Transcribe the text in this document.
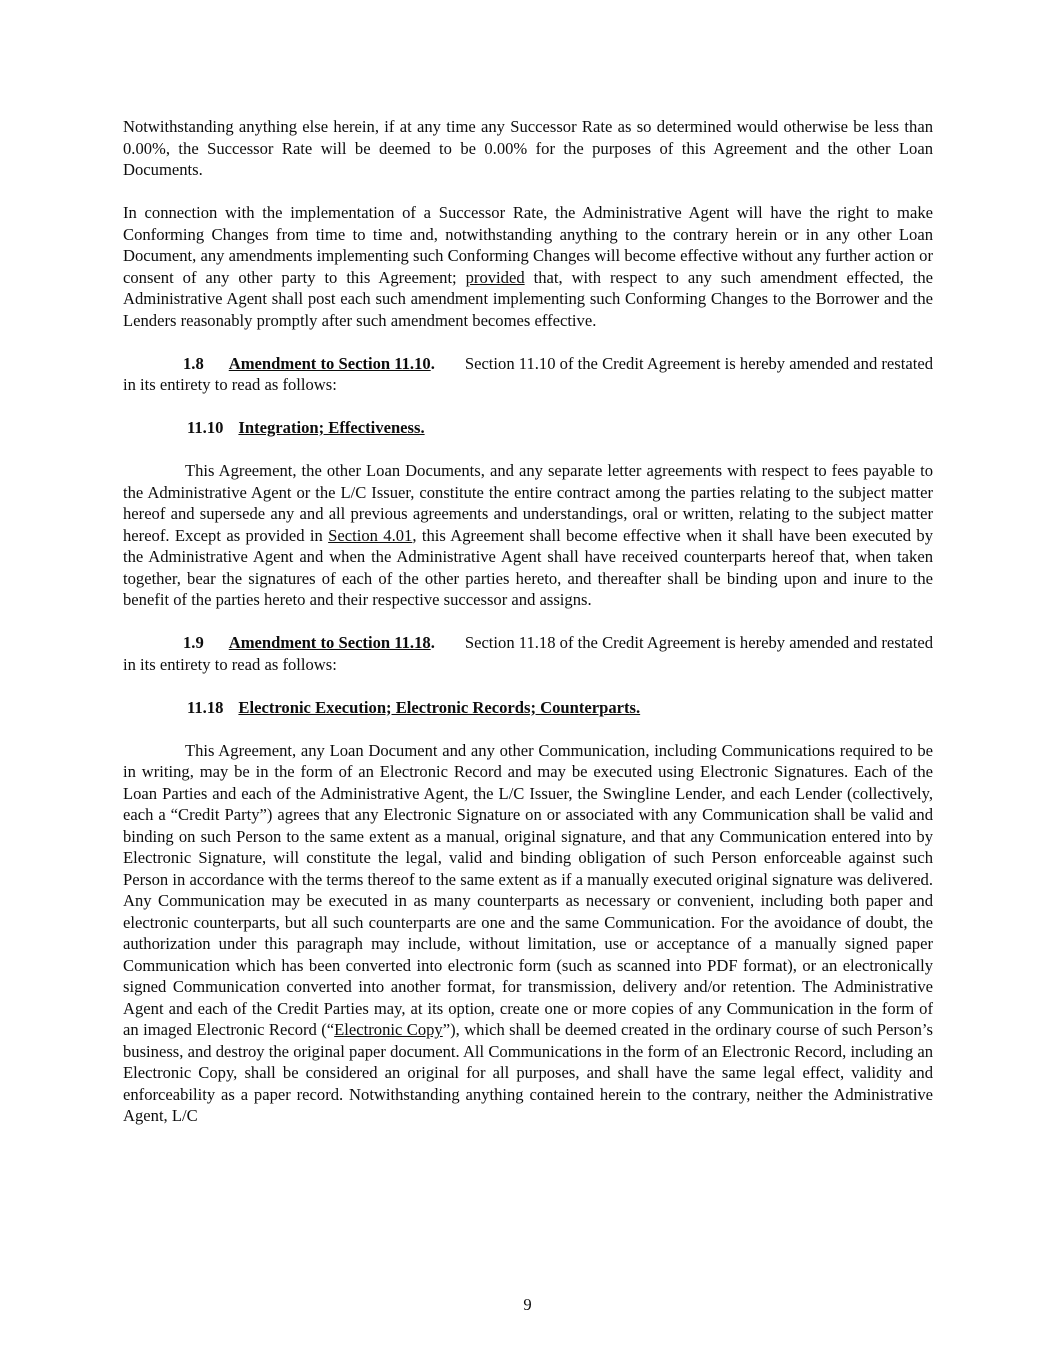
Notwithstanding anything else herein, if at any time any Successor Rate as so determined would otherwise be less than 0.00%, the Successor Rate will be deemed to be 0.00% for the purposes of this Agreement and the other Loan Documents.

In connection with the implementation of a Successor Rate, the Administrative Agent will have the right to make Conforming Changes from time to time and, notwithstanding anything to the contrary herein or in any other Loan Document, any amendments implementing such Conforming Changes will become effective without any further action or consent of any other party to this Agreement; provided that, with respect to any such amendment effected, the Administrative Agent shall post each such amendment implementing such Conforming Changes to the Borrower and the Lenders reasonably promptly after such amendment becomes effective.

1.8 Amendment to Section 11.10. Section 11.10 of the Credit Agreement is hereby amended and restated in its entirety to read as follows:

11.10 Integration; Effectiveness.

This Agreement, the other Loan Documents, and any separate letter agreements with respect to fees payable to the Administrative Agent or the L/C Issuer, constitute the entire contract among the parties relating to the subject matter hereof and supersede any and all previous agreements and understandings, oral or written, relating to the subject matter hereof. Except as provided in Section 4.01, this Agreement shall become effective when it shall have been executed by the Administrative Agent and when the Administrative Agent shall have received counterparts hereof that, when taken together, bear the signatures of each of the other parties hereto, and thereafter shall be binding upon and inure to the benefit of the parties hereto and their respective successor and assigns.

1.9 Amendment to Section 11.18. Section 11.18 of the Credit Agreement is hereby amended and restated in its entirety to read as follows:

11.18 Electronic Execution; Electronic Records; Counterparts.

This Agreement, any Loan Document and any other Communication, including Communications required to be in writing, may be in the form of an Electronic Record and may be executed using Electronic Signatures. Each of the Loan Parties and each of the Administrative Agent, the L/C Issuer, the Swingline Lender, and each Lender (collectively, each a “Credit Party”) agrees that any Electronic Signature on or associated with any Communication shall be valid and binding on such Person to the same extent as a manual, original signature, and that any Communication entered into by Electronic Signature, will constitute the legal, valid and binding obligation of such Person enforceable against such Person in accordance with the terms thereof to the same extent as if a manually executed original signature was delivered. Any Communication may be executed in as many counterparts as necessary or convenient, including both paper and electronic counterparts, but all such counterparts are one and the same Communication. For the avoidance of doubt, the authorization under this paragraph may include, without limitation, use or acceptance of a manually signed paper Communication which has been converted into electronic form (such as scanned into PDF format), or an electronically signed Communication converted into another format, for transmission, delivery and/or retention. The Administrative Agent and each of the Credit Parties may, at its option, create one or more copies of any Communication in the form of an imaged Electronic Record (“Electronic Copy”), which shall be deemed created in the ordinary course of such Person’s business, and destroy the original paper document. All Communications in the form of an Electronic Record, including an Electronic Copy, shall be considered an original for all purposes, and shall have the same legal effect, validity and enforceability as a paper record. Notwithstanding anything contained herein to the contrary, neither the Administrative Agent, L/C

9
